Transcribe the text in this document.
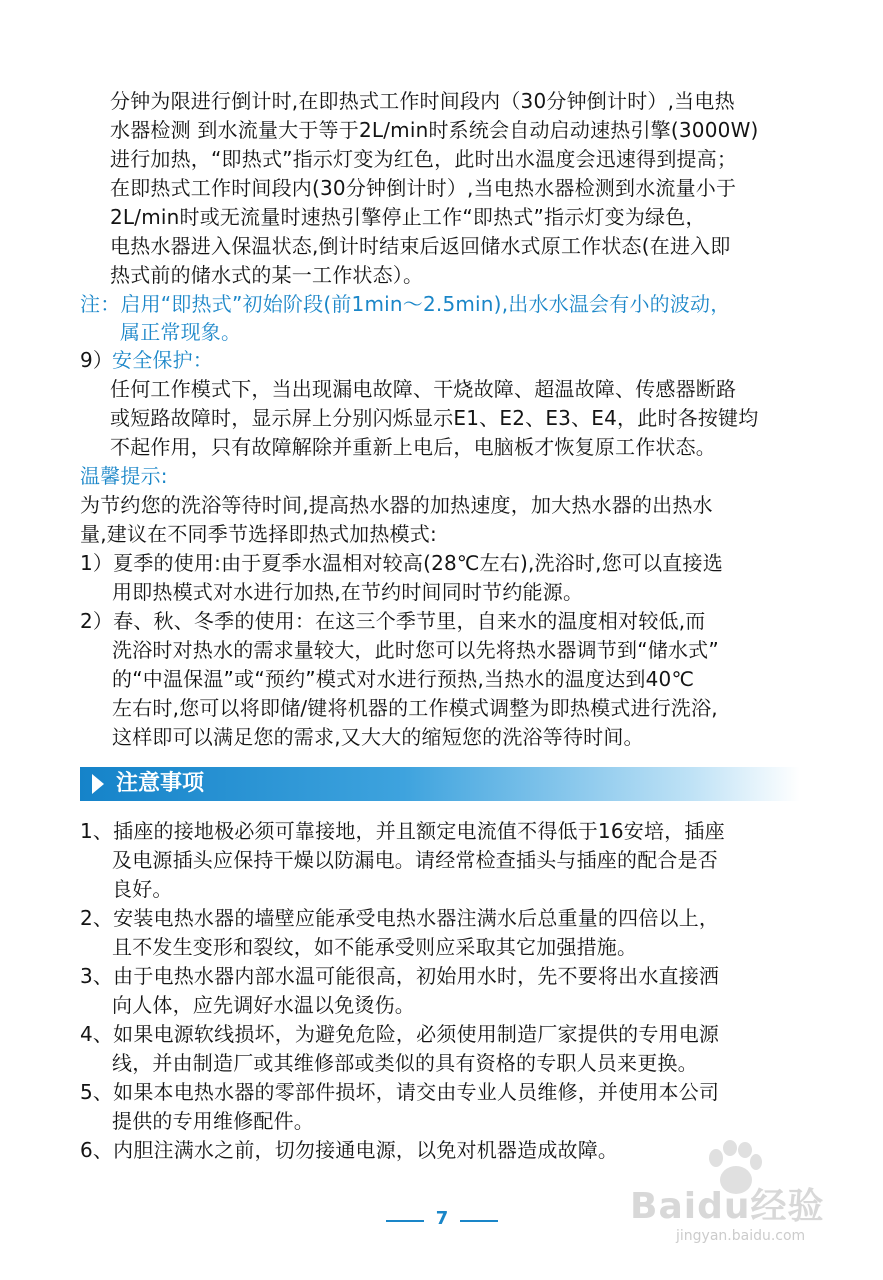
分钟为限进行倒计时,在即热式工作时间段内（30分钟倒计时）,当电热
水器检测 到水流量大于等于2L/min时系统会自动启动速热引擎(3000W)
进行加热，“即热式”指示灯变为红色，此时出水温度会迅速得到提高；
在即热式工作时间段内(30分钟倒计时）,当电热水器检测到水流量小于
2L/min时或无流量时速热引擎停止工作“即热式”指示灯变为绿色，
电热水器进入保温状态,倒计时结束后返回储水式原工作状态(在进入即
热式前的储水式的某一工作状态）。
注：启用“即热式”初始阶段(前1min～2.5min),出水水温会有小的波动，
属正常现象。
9）
安全保护：
任何工作模式下，当出现漏电故障、干烧故障、超温故障、传感器断路
或短路故障时，显示屏上分别闪烁显示E1、E2、E3、E4，此时各按键均
不起作用，只有故障解除并重新上电后，电脑板才恢复原工作状态。
温馨提示:
为节约您的洗浴等待时间,提高热水器的加热速度，加大热水器的出热水
量,建议在不同季节选择即热式加热模式:
1）夏季的使用:由于夏季水温相对较高(28℃左右),洗浴时,您可以直接选
用即热模式对水进行加热,在节约时间同时节约能源。
2）春、秋、冬季的使用：在这三个季节里，自来水的温度相对较低,而
洗浴时对热水的需求量较大，此时您可以先将热水器调节到“储水式”
的“中温保温”或“预约”模式对水进行预热,当热水的温度达到40℃
左右时,您可以将即储/键将机器的工作模式调整为即热模式进行洗浴,
这样即可以满足您的需求,又大大的缩短您的洗浴等待时间。
注意事项
1、插座的接地极必须可靠接地，并且额定电流值不得低于16安培，插座
及电源插头应保持干燥以防漏电。请经常检查插头与插座的配合是否
良好。
2、安装电热水器的墙壁应能承受电热水器注满水后总重量的四倍以上，
且不发生变形和裂纹，如不能承受则应采取其它加强措施。
3、由于电热水器内部水温可能很高，初始用水时，先不要将出水直接洒
向人体，应先调好水温以免烫伤。
4、如果电源软线损坏，为避免危险，必须使用制造厂家提供的专用电源
线，并由制造厂或其维修部或类似的具有资格的专职人员来更换。
5、如果本电热水器的零部件损坏，请交由专业人员维修，并使用本公司
提供的专用维修配件。
6、内胆注满水之前，切勿接通电源，以免对机器造成故障。
7	Baidu经验
jingyan.baidu.com
